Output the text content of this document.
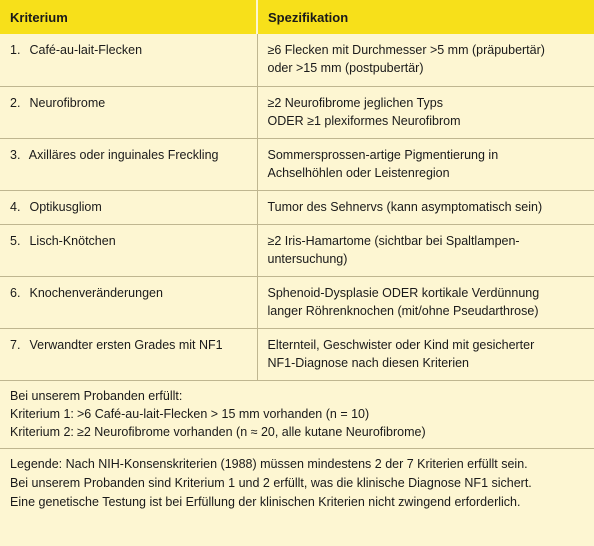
Kriterium	Spezifikation
1. Café-au-lait-Flecken	≥6 Flecken mit Durchmesser >5 mm (präpubertär)
oder >15 mm (postpubertär)

2. Neurofibrome	≥2 Neurofibrome jeglichen Typs
ODER ≥1 plexiformes Neurofibrom

3. Axilläres oder inguinales Freckling	Sommersprossen-artige Pigmentierung in
Achselhöhlen oder Leistenregion

4. Optikusgliom	Tumor des Sehnervs (kann asymptomatisch sein)

5. Lisch-Knötchen	≥2 Iris-Hamartome (sichtbar bei Spaltlampen-
untersuchung)

6. Knochenveränderungen	Sphenoid-Dysplasie ODER kortikale Verdünnung
langer Röhrenknochen (mit/ohne Pseudarthrose)

7. Verwandter ersten Grades mit NF1	Elternteil, Geschwister oder Kind mit gesicherter
NF1-Diagnose nach diesen Kriterien
Bei unserem Probanden erfüllt:
Kriterium 1: >6 Café-au-lait-Flecken > 15 mm vorhanden (n = 10)
Kriterium 2: ≥2 Neurofibrome vorhanden (n ≈ 20, alle kutane Neurofibrome)
Legende: Nach NIH-Konsenskriterien (1988) müssen mindestens 2 der 7 Kriterien erfüllt sein.
Bei unserem Probanden sind Kriterium 1 und 2 erfüllt, was die klinische Diagnose NF1 sichert.
Eine genetische Testung ist bei Erfüllung der klinischen Kriterien nicht zwingend erforderlich.
